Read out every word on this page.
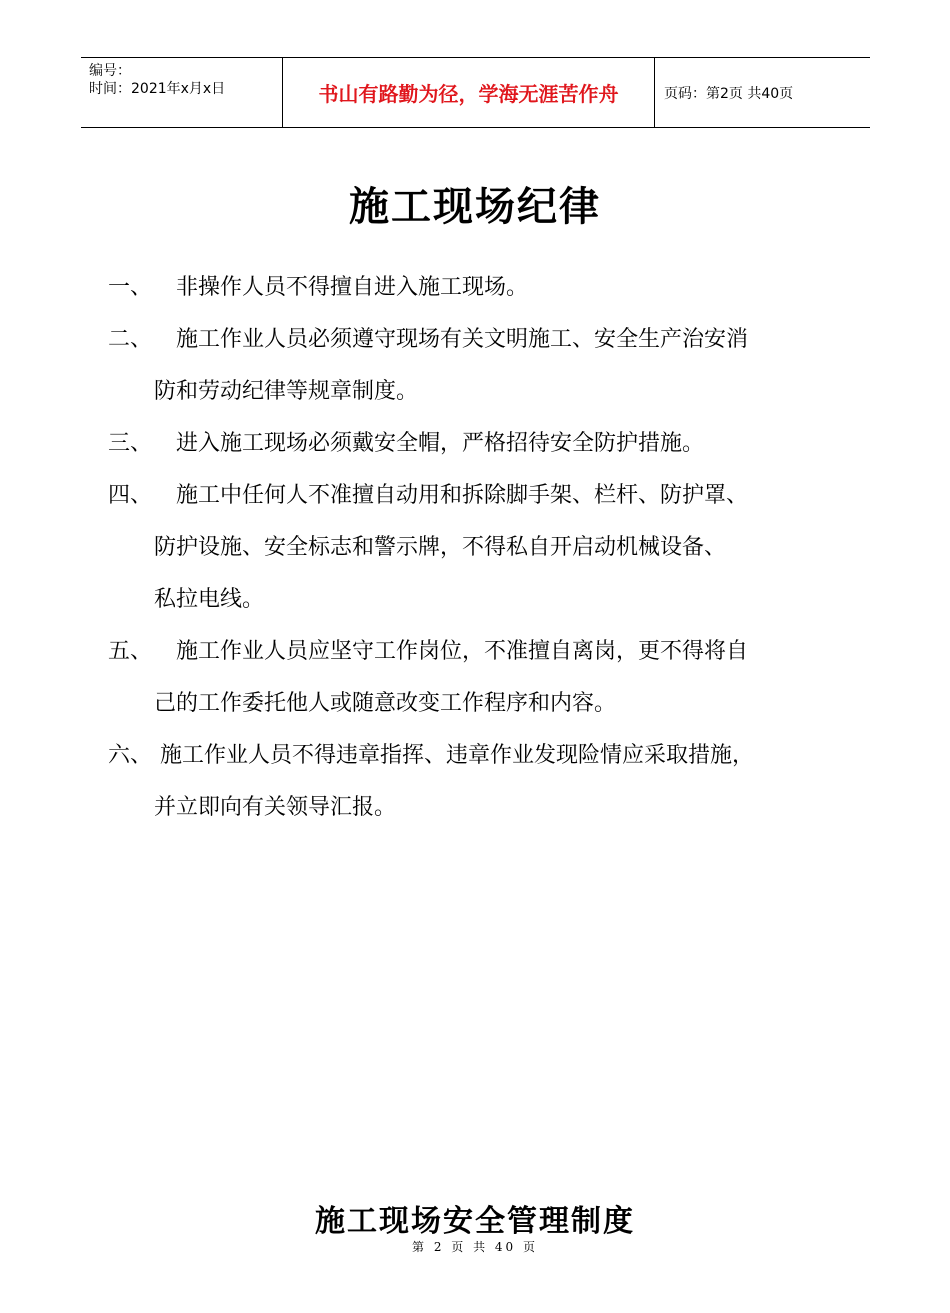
编号：
时间：2021年x月x日	书山有路勤为径，学海无涯苦作舟	页码：第2页 共40页
施工现场纪律

一、 非操作人员不得擅自进入施工现场。

二、 施工作业人员必须遵守现场有关文明施工、安全生产治安消
防和劳动纪律等规章制度。

三、 进入施工现场必须戴安全帽，严格招待安全防护措施。

四、 施工中任何人不准擅自动用和拆除脚手架、栏杆、防护罩、
防护设施、安全标志和警示牌，不得私自开启动机械设备、
私拉电线。

五、 施工作业人员应坚守工作岗位，不准擅自离岗，更不得将自
己的工作委托他人或随意改变工作程序和内容。

六、 施工作业人员不得违章指挥、违章作业发现险情应采取措施，
并立即向有关领导汇报。

施工现场安全管理制度
第 2 页 共 40 页
